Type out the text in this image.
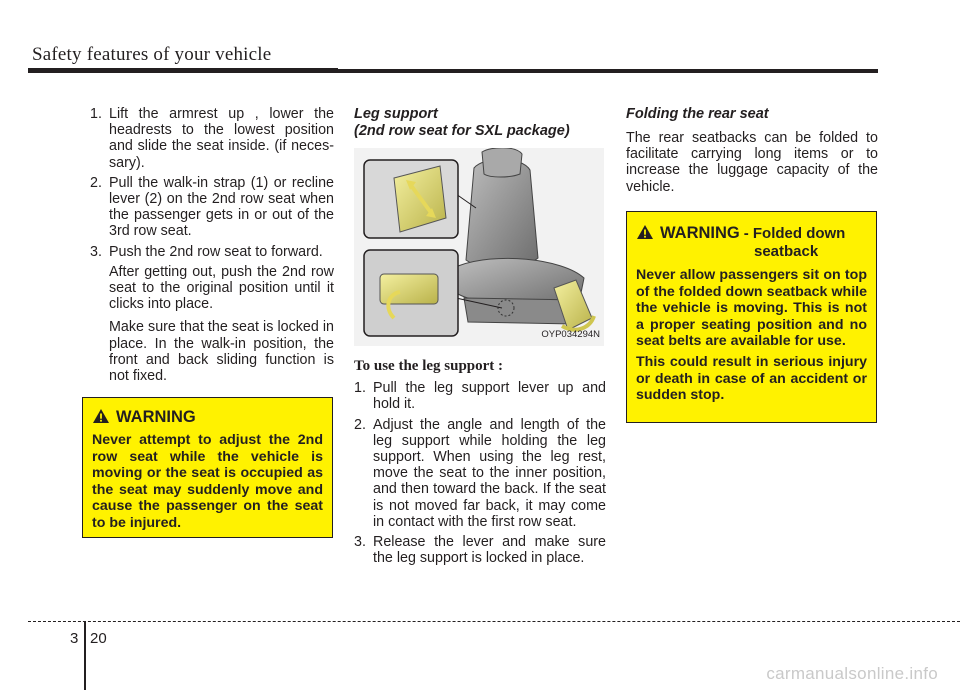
Safety features of your vehicle
1. Lift the armrest up , lower the headrests to the lowest position and slide the seat inside. (if neces-sary).
2. Pull the walk-in strap (1) or recline lever (2) on the 2nd row seat when the passenger gets in or out of the 3rd row seat.
3. Push the 2nd row seat to forward.

After getting out, push the 2nd row seat to the original position until it clicks into place.

Make sure that the seat is locked in place. In the walk-in position, the front and back sliding function is not fixed.

WARNING

Never attempt to adjust the 2nd row seat while the vehicle is moving or the seat is occupied as the seat may suddenly move and cause the passenger on the seat to be injured.

Leg support

(2nd row seat for SXL package)

OYP034294N

To use the leg support :

1. Pull the leg support lever up and hold it.
2. Adjust the angle and length of the leg support while holding the leg support. When using the leg rest, move the seat to the inner position, and then toward the back. If the seat is not moved far back, it may come in contact with the first row seat.
3. Release the lever and make sure the leg support is locked in place.

Folding the rear seat

The rear seatbacks can be folded to facilitate carrying long items or to increase the luggage capacity of the vehicle.

WARNING - Folded down
seatback

Never allow passengers sit on top of the folded down seatback while the vehicle is moving. This is not a proper seating position and no seat belts are available for use.

This could result in serious injury or death in case of an accident or sudden stop.

3 20
carmanualsonline.info
